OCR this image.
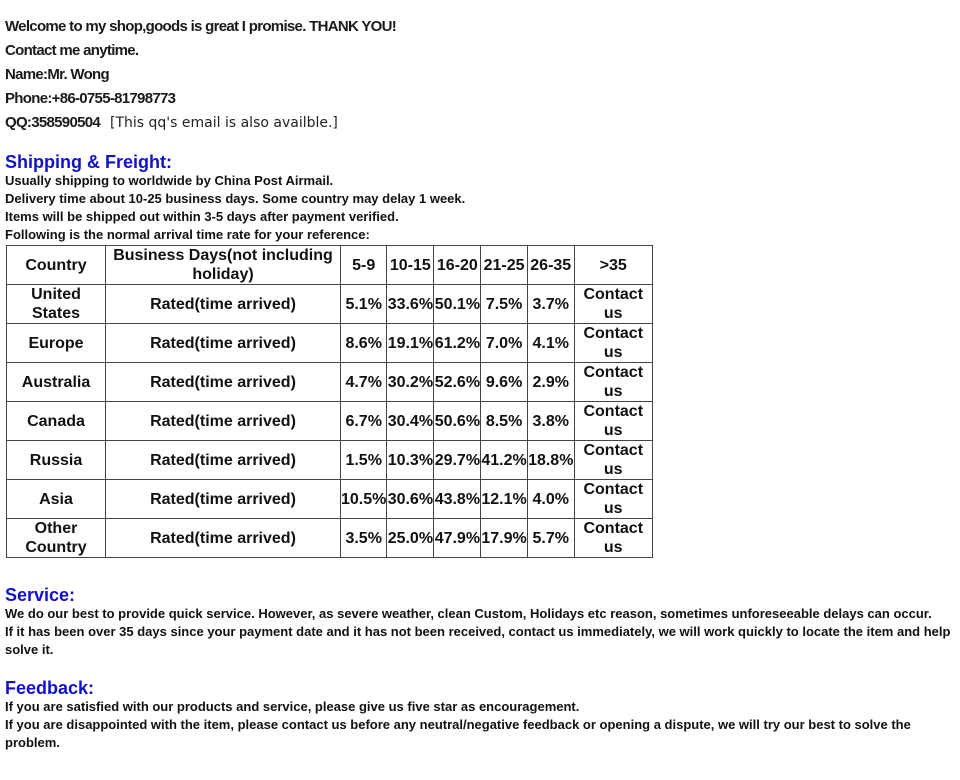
Welcome to my shop,goods is great I promise. THANK YOU!
Contact me anytime.
Name:Mr. Wong
Phone:+86-0755-81798773
QQ:358590504 [This qq's email is also availble.]
Shipping & Freight:
Usually shipping to worldwide by China Post Airmail.
Delivery time about 10-25 business days. Some country may delay 1 week.
Items will be shipped out within 3-5 days after payment verified.
Following is the normal arrival time rate for your reference:
Country	Business Days(not including holiday)	5-9	10-15	16-20	21-25	26-35	>35
United States	Rated(time arrived)	5.1%	33.6%	50.1%	7.5%	3.7%	Contact us
Europe	Rated(time arrived)	8.6%	19.1%	61.2%	7.0%	4.1%	Contact us
Australia	Rated(time arrived)	4.7%	30.2%	52.6%	9.6%	2.9%	Contact us
Canada	Rated(time arrived)	6.7%	30.4%	50.6%	8.5%	3.8%	Contact us
Russia	Rated(time arrived)	1.5%	10.3%	29.7%	41.2%	18.8%	Contact us
Asia	Rated(time arrived)	10.5%	30.6%	43.8%	12.1%	4.0%	Contact us
Other Country	Rated(time arrived)	3.5%	25.0%	47.9%	17.9%	5.7%	Contact us
Service:
We do our best to provide quick service. However, as severe weather, clean Custom, Holidays etc reason, sometimes unforeseeable delays can occur.
If it has been over 35 days since your payment date and it has not been received, contact us immediately, we will work quickly to locate the item and help solve it.
Feedback:
If you are satisfied with our products and service, please give us five star as encouragement.
If you are disappointed with the item, please contact us before any neutral/negative feedback or opening a dispute, we will try our best to solve the problem.
